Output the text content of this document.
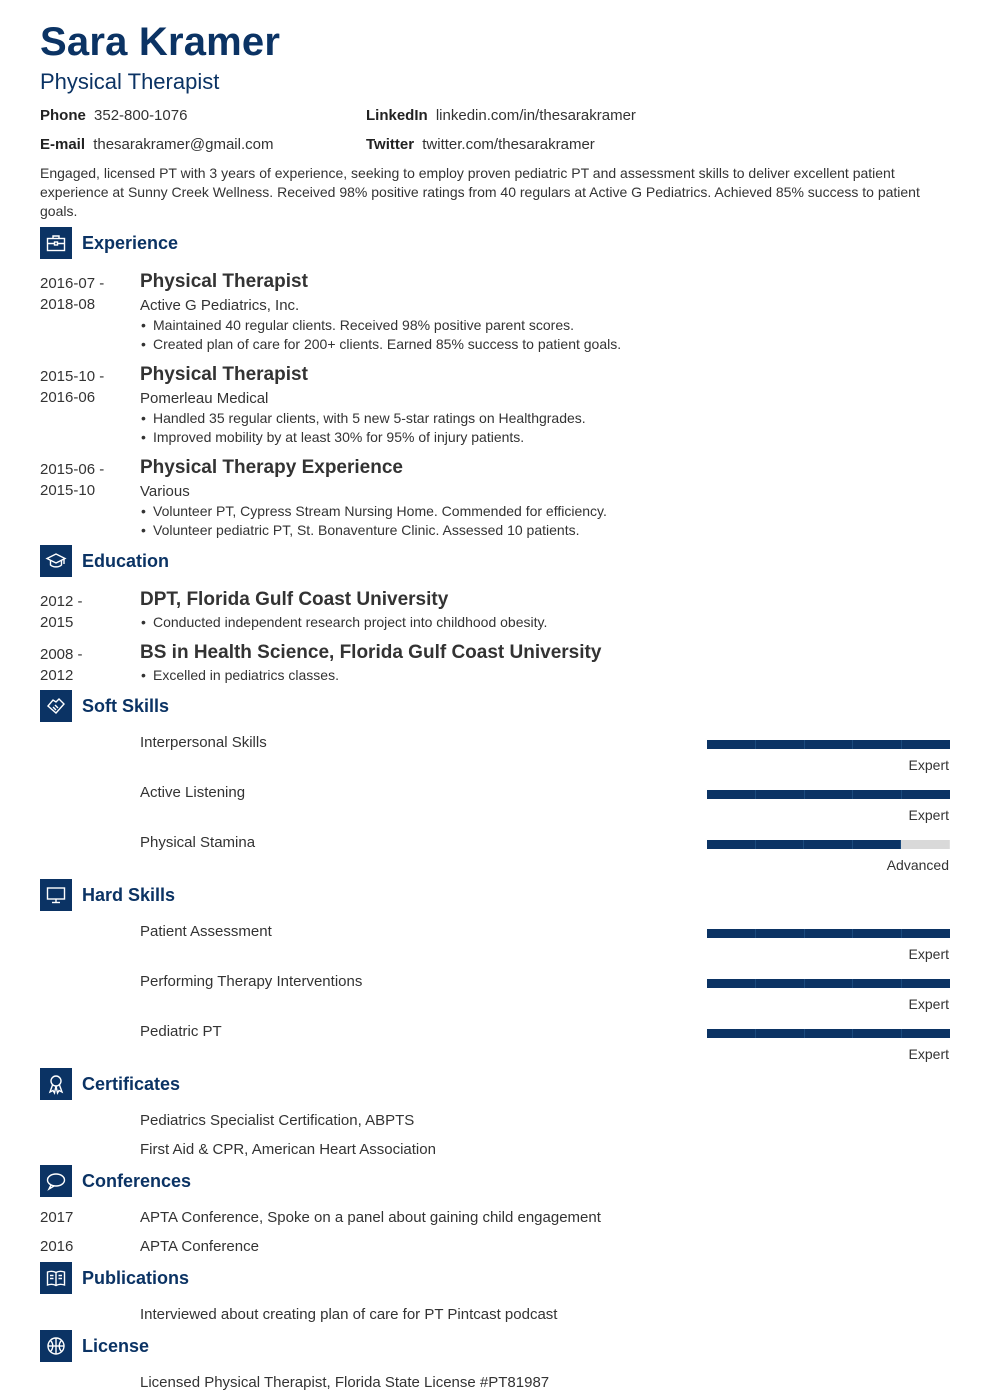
Sara Kramer
Physical Therapist
Phone 352-800-1076
E-mail thesarakramer@gmail.com
LinkedIn linkedin.com/in/thesarakramer
Twitter twitter.com/thesarakramer
Engaged, licensed PT with 3 years of experience, seeking to employ proven pediatric PT and assessment skills to deliver excellent patient experience at Sunny Creek Wellness. Received 98% positive ratings from 40 regulars at Active G Pediatrics. Achieved 85% success to patient goals.
Experience
2016-07 -
2018-08
Physical Therapist
Active G Pediatrics, Inc.
• Maintained 40 regular clients. Received 98% positive parent scores.
• Created plan of care for 200+ clients. Earned 85% success to patient goals.
2015-10 -
2016-06
Physical Therapist
Pomerleau Medical
• Handled 35 regular clients, with 5 new 5-star ratings on Healthgrades.
• Improved mobility by at least 30% for 95% of injury patients.
2015-06 -
2015-10
Physical Therapy Experience
Various
• Volunteer PT, Cypress Stream Nursing Home. Commended for efficiency.
• Volunteer pediatric PT, St. Bonaventure Clinic. Assessed 10 patients.
Education
2012 -
2015
DPT, Florida Gulf Coast University
• Conducted independent research project into childhood obesity.
2008 -
2012
BS in Health Science, Florida Gulf Coast University
• Excelled in pediatrics classes.
Soft Skills
Interpersonal Skills
Expert
Active Listening
Expert
Physical Stamina
Advanced
Hard Skills
Patient Assessment
Expert
Performing Therapy Interventions
Expert
Pediatric PT
Expert
Certificates
Pediatrics Specialist Certification, ABPTS
First Aid & CPR, American Heart Association
Conferences
2017	APTA Conference, Spoke on a panel about gaining child engagement
2016	APTA Conference
Publications
Interviewed about creating plan of care for PT Pintcast podcast
License
Licensed Physical Therapist, Florida State License #PT81987
